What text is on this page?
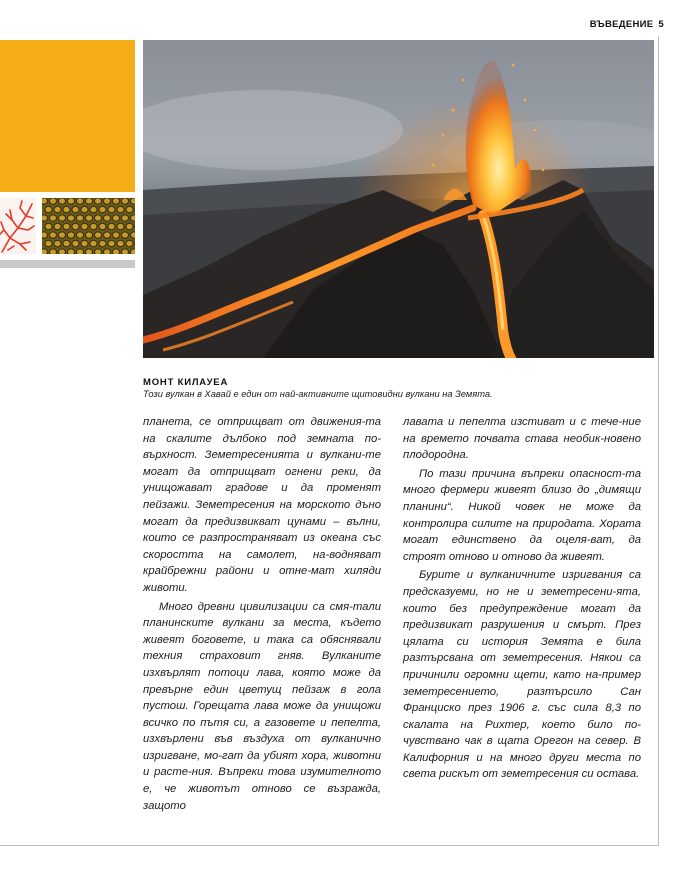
ВЪВЕДЕНИЕ 5
МОНТ КИЛАУЕА
Този вулкан в Хавай е един от най-активните щитовидни вулкани на Земята.

планета, се отприщват от движения-та на скалите дълбоко под земната по-върхност. Земетресенията и вулкани-те могат да отприщват огнени реки, да унищожават градове и да променят пейзажи. Земетресения на морското дъно могат да предизвикват цунами – вълни, които се разпространяват из океана със скоростта на самолет, на-водняват крайбрежни райони и отне-мат хиляди животи.

Много древни цивилизации са смя-тали планинските вулкани за места, където живеят боговете, и така са обяснявали техния страховит гняв. Вулканите изхвърлят потоци лава, която може да превърне един цветущ пейзаж в гола пустош. Горещата лава може да унищожи всичко по пътя си, а газовете и пепелта, изхвърлени във въздуха от вулканично изригване, мо-гат да убият хора, животни и расте-ния. Въпреки това изумителното е, че животът отново се възражда, защото

лавата и пепелта изстиват и с тече-ние на времето почвата става необик-новено плодородна.

По тази причина въпреки опасност-та много фермери живеят близо до „димящи планини“. Никой човек не може да контролира силите на природата. Хората могат единствено да оцеля-ват, да строят отново и отново да живеят.

Бурите и вулканичните изригвания са предсказуеми, но не и земетресени-ята, които без предупреждение могат да предизвикат разрушения и смърт. През цялата си история Земята е била разтърсвана от земетресения. Някои са причинили огромни щети, като на-пример земетресението, разтърсило Сан Франциско през 1906 г. със сила 8,3 по скалата на Рихтер, което било по-чувствано чак в щата Орегон на север. В Калифорния и на много други места по света рискът от земетресения си остава.
